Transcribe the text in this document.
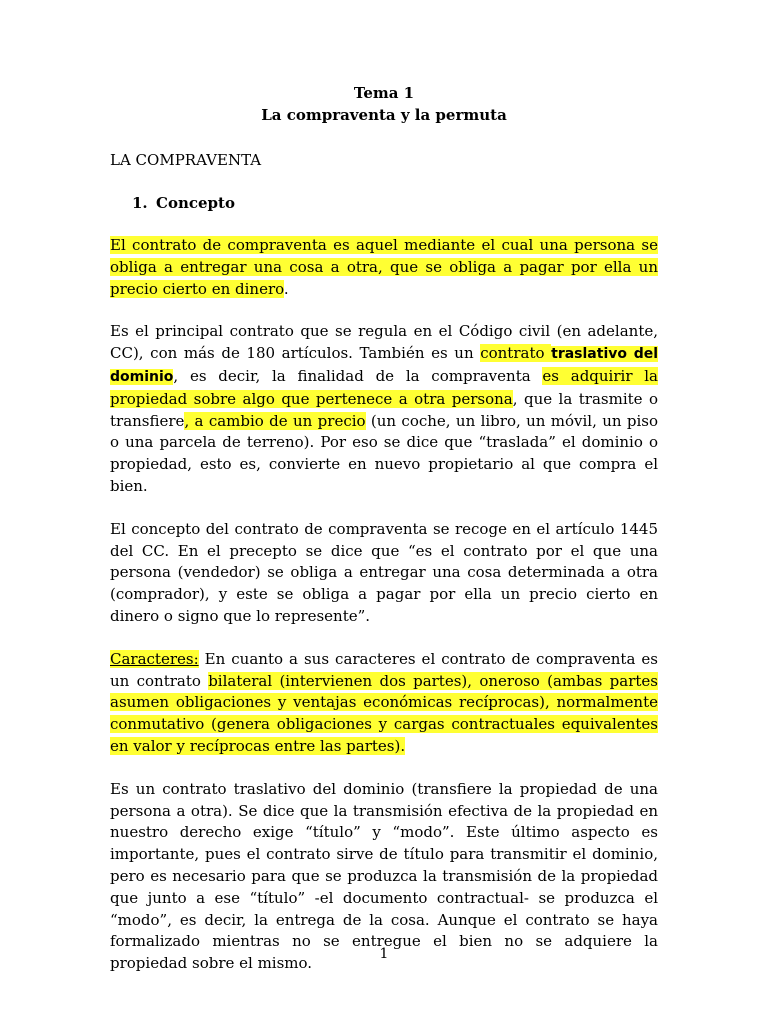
Tema 1
La compraventa y la permuta
LA COMPRAVENTA
1. Concepto

El contrato de compraventa es aquel mediante el cual una persona se obliga a entregar una cosa a otra, que se obliga a pagar por ella un precio cierto en dinero.

Es el principal contrato que se regula en el Código civil (en adelante, CC), con más de 180 artículos. También es un contrato traslativo del dominio, es decir, la finalidad de la compraventa es adquirir la propiedad sobre algo que pertenece a otra persona, que la trasmite o transfiere, a cambio de un precio (un coche, un libro, un móvil, un piso o una parcela de terreno). Por eso se dice que “traslada” el dominio o propiedad, esto es, convierte en nuevo propietario al que compra el bien.

El concepto del contrato de compraventa se recoge en el artículo 1445 del CC. En el precepto se dice que “es el contrato por el que una persona (vendedor) se obliga a entregar una cosa determinada a otra (comprador), y este se obliga a pagar por ella un precio cierto en dinero o signo que lo represente”.

Caracteres: En cuanto a sus caracteres el contrato de compraventa es un contrato bilateral (intervienen dos partes), oneroso (ambas partes asumen obligaciones y ventajas económicas recíprocas), normalmente conmutativo (genera obligaciones y cargas contractuales equivalentes en valor y recíprocas entre las partes).

Es un contrato traslativo del dominio (transfiere la propiedad de una persona a otra). Se dice que la transmisión efectiva de la propiedad en nuestro derecho exige “título” y “modo”. Este último aspecto es importante, pues el contrato sirve de título para transmitir el dominio, pero es necesario para que se produzca la transmisión de la propiedad que junto a ese “título” -el documento contractual- se produzca el “modo”, es decir, la entrega de la cosa. Aunque el contrato se haya formalizado mientras no se entregue el bien no se adquiere la propiedad sobre el mismo.

1
